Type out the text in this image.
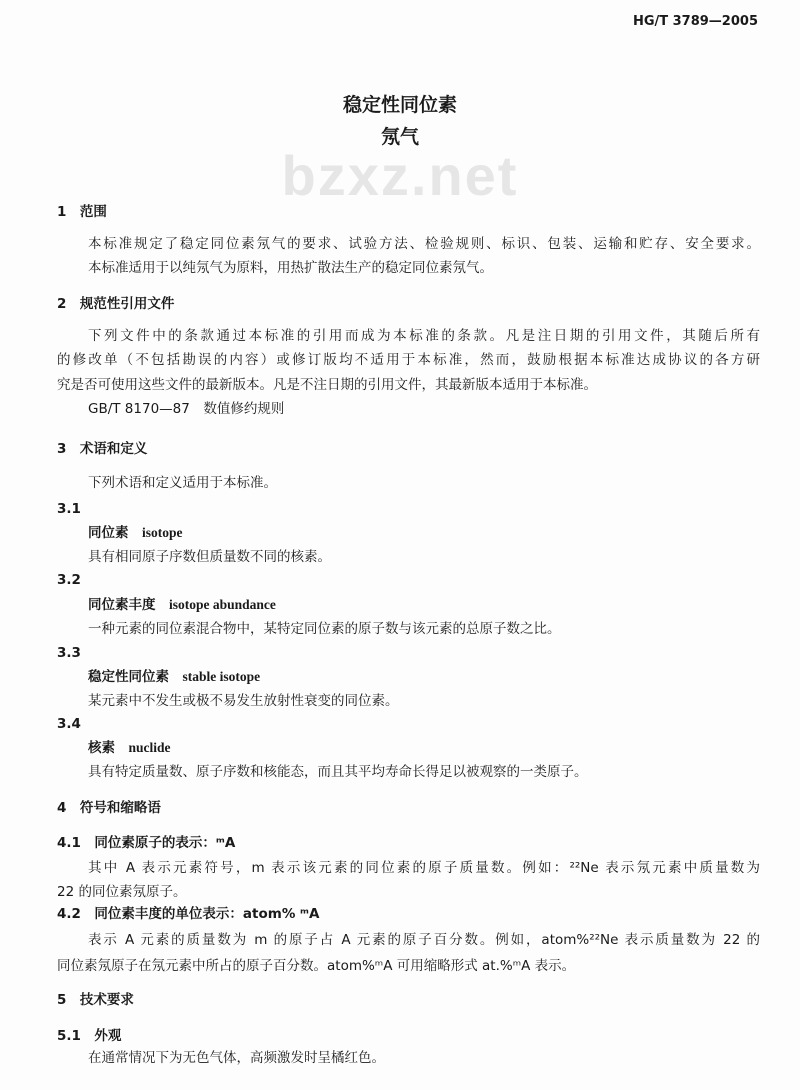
HG/T 3789—2005
稳定性同位素
氖气
bzxz.net
1　范围
本标准规定了稳定同位素氖气的要求、试验方法、检验规则、标识、包装、运输和贮存、安全要求。
本标准适用于以纯氖气为原料，用热扩散法生产的稳定同位素氖气。
2　规范性引用文件
下列文件中的条款通过本标准的引用而成为本标准的条款。凡是注日期的引用文件，其随后所有
的修改单（不包括勘误的内容）或修订版均不适用于本标准，然而，鼓励根据本标准达成协议的各方研
究是否可使用这些文件的最新版本。凡是不注日期的引用文件，其最新版本适用于本标准。
GB/T 8170—87　数值修约规则
3　术语和定义
下列术语和定义适用于本标准。
3.1
同位素　 isotope
具有相同原子序数但质量数不同的核素。
3.2
同位素丰度　 isotope abundance
一种元素的同位素混合物中，某特定同位素的原子数与该元素的总原子数之比。
3.3
稳定性同位素　 stable isotope
某元素中不发生或极不易发生放射性衰变的同位素。
3.4
核素　 nuclide
具有特定质量数、原子序数和核能态，而且其平均寿命长得足以被观察的一类原子。
4　符号和缩略语
4.1　同位素原子的表示：ᵐA
其中 A 表示元素符号，m 表示该元素的同位素的原子质量数。例如：²²Ne 表示氖元素中质量数为
22 的同位素氖原子。
4.2　同位素丰度的单位表示：atom% ᵐA
表示 A 元素的质量数为 m 的原子占 A 元素的原子百分数。例如，atom%²²Ne 表示质量数为 22 的
同位素氖原子在氖元素中所占的原子百分数。atom%ᵐA 可用缩略形式 at.%ᵐA 表示。
5　技术要求
5.1　外观
在通常情况下为无色气体，高频激发时呈橘红色。
